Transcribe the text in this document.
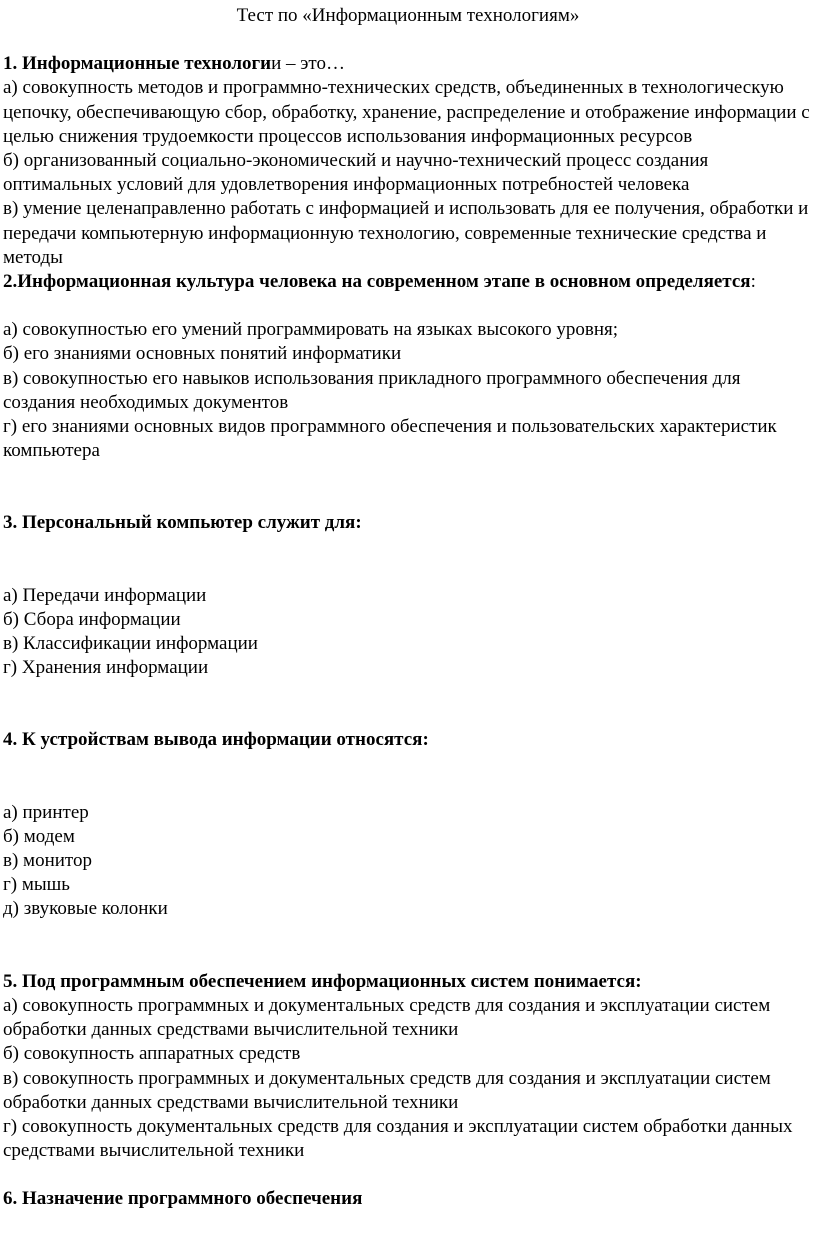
Тест по «Информационным технологиям»

1. Информационные технологии – это…

а) совокупность методов и программно-технических средств, объединенных в технологическую цепочку, обеспечивающую сбор, обработку, хранение, распределение и отображение информации с целью снижения трудоемкости процессов использования информационных ресурсов

б) организованный социально-экономический и научно-технический процесс создания оптимальных условий для удовлетворения информационных потребностей человека

в) умение целенаправленно работать с информацией и использовать для ее получения, обработки и передачи компьютерную информационную технологию, современные технические средства и методы

2.Информационная культура человека на современном этапе в основном определяется:

а) совокупностью его умений программировать на языках высокого уровня;

б) его знаниями основных понятий информатики

в) совокупностью его навыков использования прикладного программного обеспечения для создания необходимых документов

г) его знаниями основных видов программного обеспечения и пользовательских характеристик компьютера

3. Персональный компьютер служит для:

а) Передачи информации

б) Сбора информации

в) Классификации информации

г) Хранения информации

4. К устройствам вывода информации относятся:

а) принтер

б) модем

в) монитор

г) мышь

д) звуковые колонки

5. Под программным обеспечением информационных систем понимается:

а) совокупность программных и документальных средств для создания и эксплуатации систем обработки данных средствами вычислительной техники

б) совокупность аппаратных средств

в) совокупность программных и документальных средств для создания и эксплуатации систем обработки данных средствами вычислительной техники

г) совокупность документальных средств для создания и эксплуатации систем обработки данных средствами вычислительной техники

6. Назначение программного обеспечения
